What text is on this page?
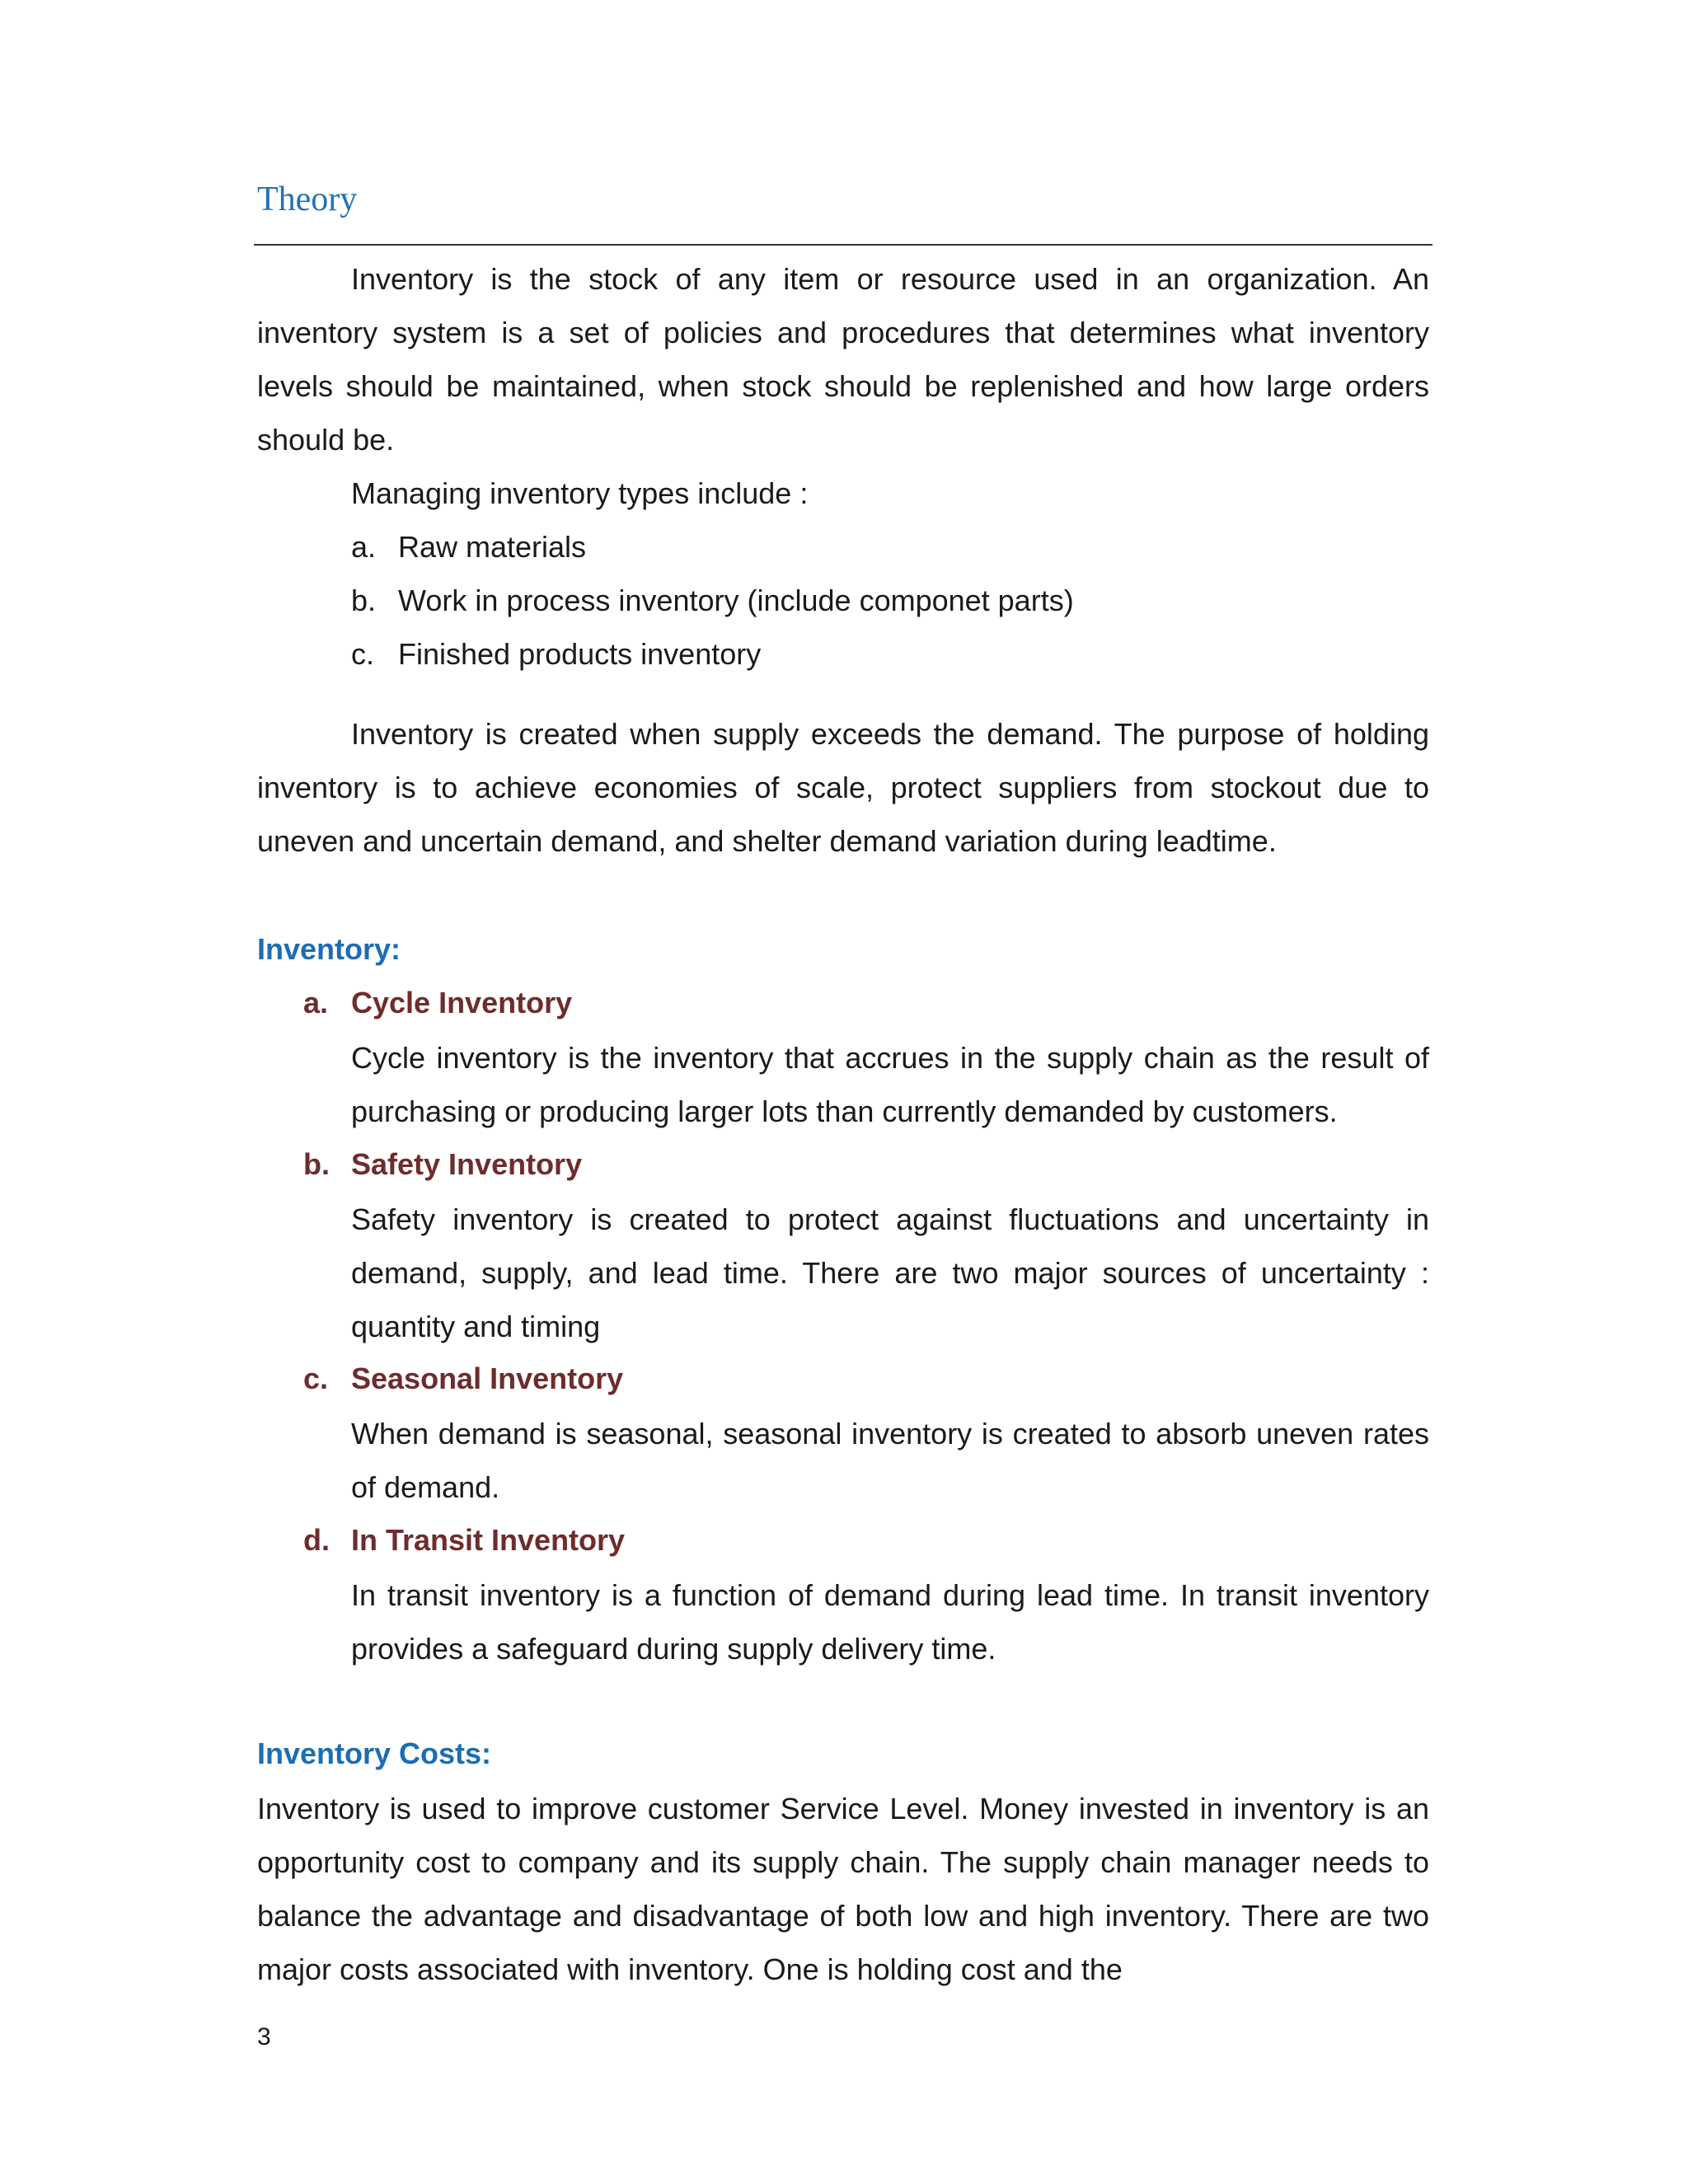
Theory

Inventory is the stock of any item or resource used in an organization. An inventory system is a set of policies and procedures that determines what inventory levels should be maintained, when stock should be replenished and how large orders should be.

Managing inventory types include :

a. Raw materials

b. Work in process inventory (include componet parts)

c. Finished products inventory

Inventory is created when supply exceeds the demand. The purpose of holding inventory is to achieve economies of scale, protect suppliers from stockout due to uneven and uncertain demand, and shelter demand variation during leadtime.

Inventory:

a. Cycle Inventory

Cycle inventory is the inventory that accrues in the supply chain as the result of purchasing or producing larger lots than currently demanded by customers.

b. Safety Inventory

Safety inventory is created to protect against fluctuations and uncertainty in demand, supply, and lead time. There are two major sources of uncertainty : quantity and timing

c. Seasonal Inventory

When demand is seasonal, seasonal inventory is created to absorb uneven rates of demand.

d. In Transit Inventory

In transit inventory is a function of demand during lead time. In transit inventory provides a safeguard during supply delivery time.

Inventory Costs:

Inventory is used to improve customer Service Level. Money invested in inventory is an opportunity cost to company and its supply chain. The supply chain manager needs to balance the advantage and disadvantage of both low and high inventory. There are two major costs associated with inventory. One is holding cost and the

3
